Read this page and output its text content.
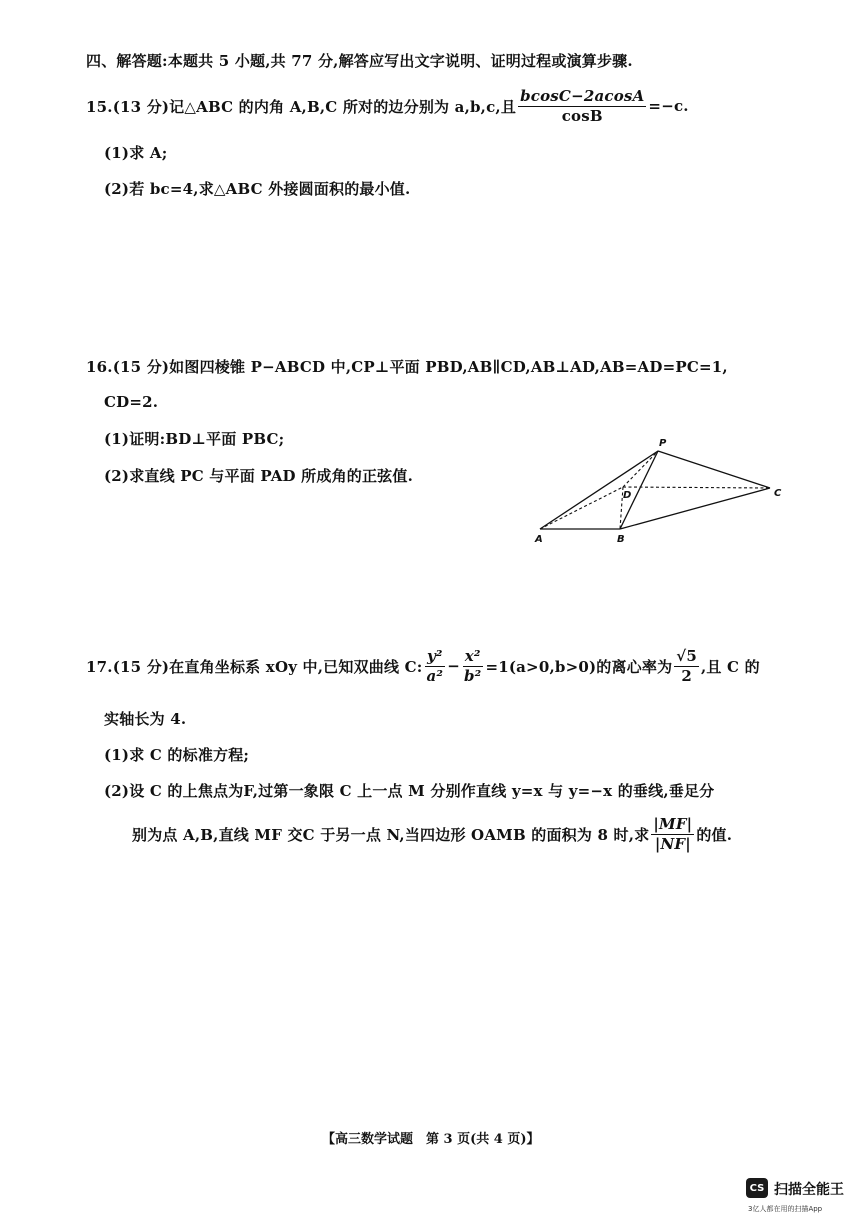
四、解答题:本题共 5 小题,共 77 分,解答应写出文字说明、证明过程或演算步骤.
15.(13 分)记△ABC 的内角 A,B,C 所对的边分别为 a,b,c,且 $\frac{bcosC-2acosA}{\cos B} =-c$.
(1)求 A;
(2)若 bc=4,求△ABC 外接圆面积的最小值.
16.(15 分)如图四棱锥 P−ABCD 中,CP⊥平面 PBD,AB∥CD,AB⊥AD,AB=AD=PC=1,
CD=2.
(1)证明:BD⊥平面 PBC;
(2)求直线 PC 与平面 PAD 所成角的正弦值.
P
D	C
A	B
17.(15 分)在直角坐标系 xOy 中,已知双曲线 C: $\frac{\text{y²}}{\text{a²}} - \frac{\text{x²}}{\text{b²}} =1(a>0,b>0)$的离心率为 $\frac{√5}{2}$ ,且 C 的
实轴长为 4.
(1)求 C 的标准方程;
(2)设 C 的上焦点为F,过第一象限 C 上一点 M 分别作直线 y=x 与 y=−x 的垂线,垂足分
别为点 A,B,直线 MF 交C 于另一点 N,当四边形 OAMB 的面积为 8 时,求 $\frac{|MF|}{|NF|}$ 的值.
【高三数学试题　第 3 页(共 4 页)】
CS 扫描全能王
3亿人都在用的扫描App
